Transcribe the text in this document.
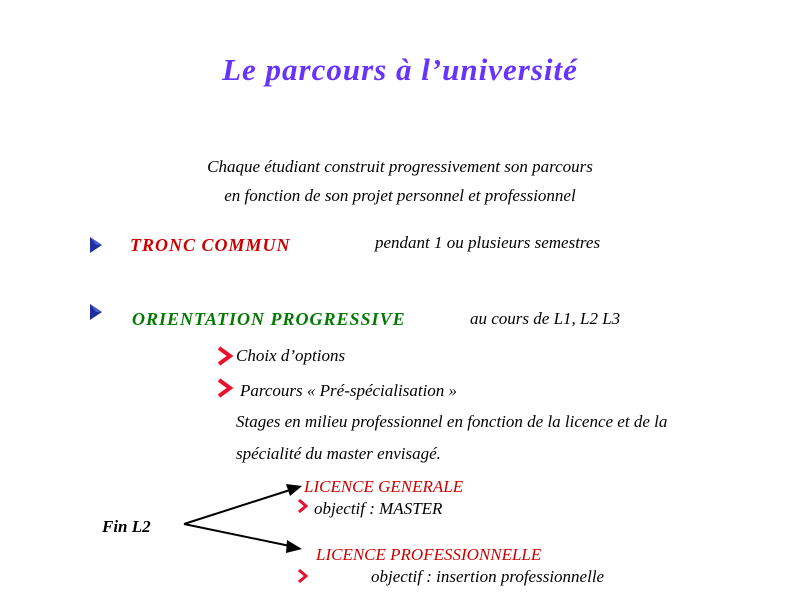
Le parcours à l’université
Chaque étudiant construit progressivement son parcours
en fonction de son projet personnel et professionnel
TRONC COMMUN	pendant 1 ou plusieurs semestres
ORIENTATION PROGRESSIVE	au cours de L1, L2 L3
Choix d’options
Parcours « Pré-spécialisation »
Stages en milieu professionnel en fonction de la licence et de la
spécialité du master envisagé.
Fin L2
LICENCE GENERALE
objectif : MASTER
LICENCE PROFESSIONNELLE
objectif : insertion professionnelle
